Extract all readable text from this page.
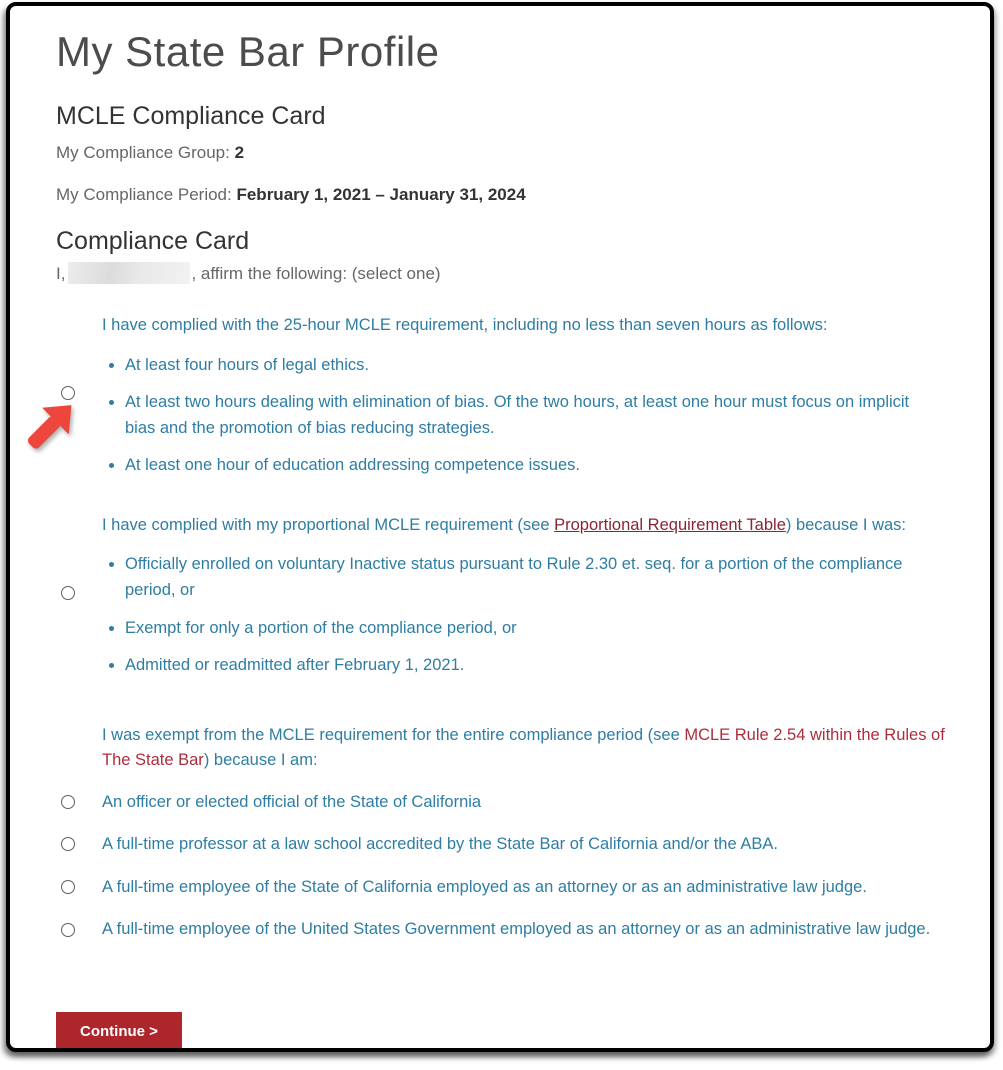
My State Bar Profile
MCLE Compliance Card

My Compliance Group: 2

My Compliance Period: February 1, 2021 – January 31, 2024

Compliance Card

I,	, affirm the following: (select one)

I have complied with the 25-hour MCLE requirement, including no less than seven hours as follows:
• At least four hours of legal ethics.
• At least two hours dealing with elimination of bias. Of the two hours, at least one hour must focus on implicit bias and the promotion of bias reducing strategies.
• At least one hour of education addressing competence issues.
I have complied with my proportional MCLE requirement (see Proportional Requirement Table) because I was:
• Officially enrolled on voluntary Inactive status pursuant to Rule 2.30 et. seq. for a portion of the compliance period, or
• Exempt for only a portion of the compliance period, or
• Admitted or readmitted after February 1, 2021.
I was exempt from the MCLE requirement for the entire compliance period (see MCLE Rule 2.54 within the Rules of The State Bar) because I am:
An officer or elected official of the State of California
A full-time professor at a law school accredited by the State Bar of California and/or the ABA.
A full-time employee of the State of California employed as an attorney or as an administrative law judge.
A full-time employee of the United States Government employed as an attorney or as an administrative law judge.
Continue >
